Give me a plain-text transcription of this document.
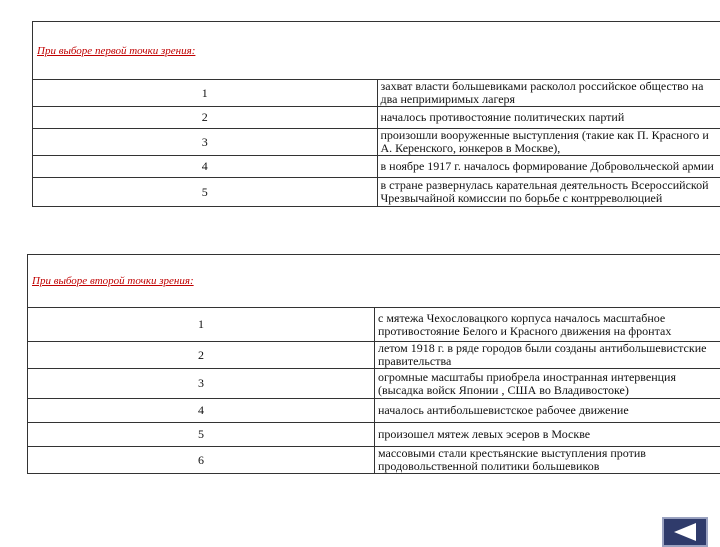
При выборе первой точки зрения:	
1	захват власти большевиками расколол российское общество на два непримиримых лагеря
2	началось противостояние политических партий
3	произошли вооруженные выступления (такие как П. Красного и А. Керенского, юнкеров в Москве),
4	в ноябре 1917 г. началось формирование Добровольческой армии
5	в стране развернулась карательная деятельность Всероссийской Чрезвычайной комиссии по борьбе с контрреволюцией
При выборе второй точки зрения:	
1	с мятежа Чехословацкого корпуса началось масштабное противостояние Белого и Красного движения на фронтах
2	летом 1918 г. в ряде городов были созданы антибольшевистские правительства
3	огромные масштабы приобрела иностранная интервенция (высадка войск Японии , США во Владивостоке)
4	началось антибольшевистское рабочее движение
5	произошел мятеж левых эсеров в Москве
6	массовыми стали крестьянские выступления против продовольственной политики большевиков
